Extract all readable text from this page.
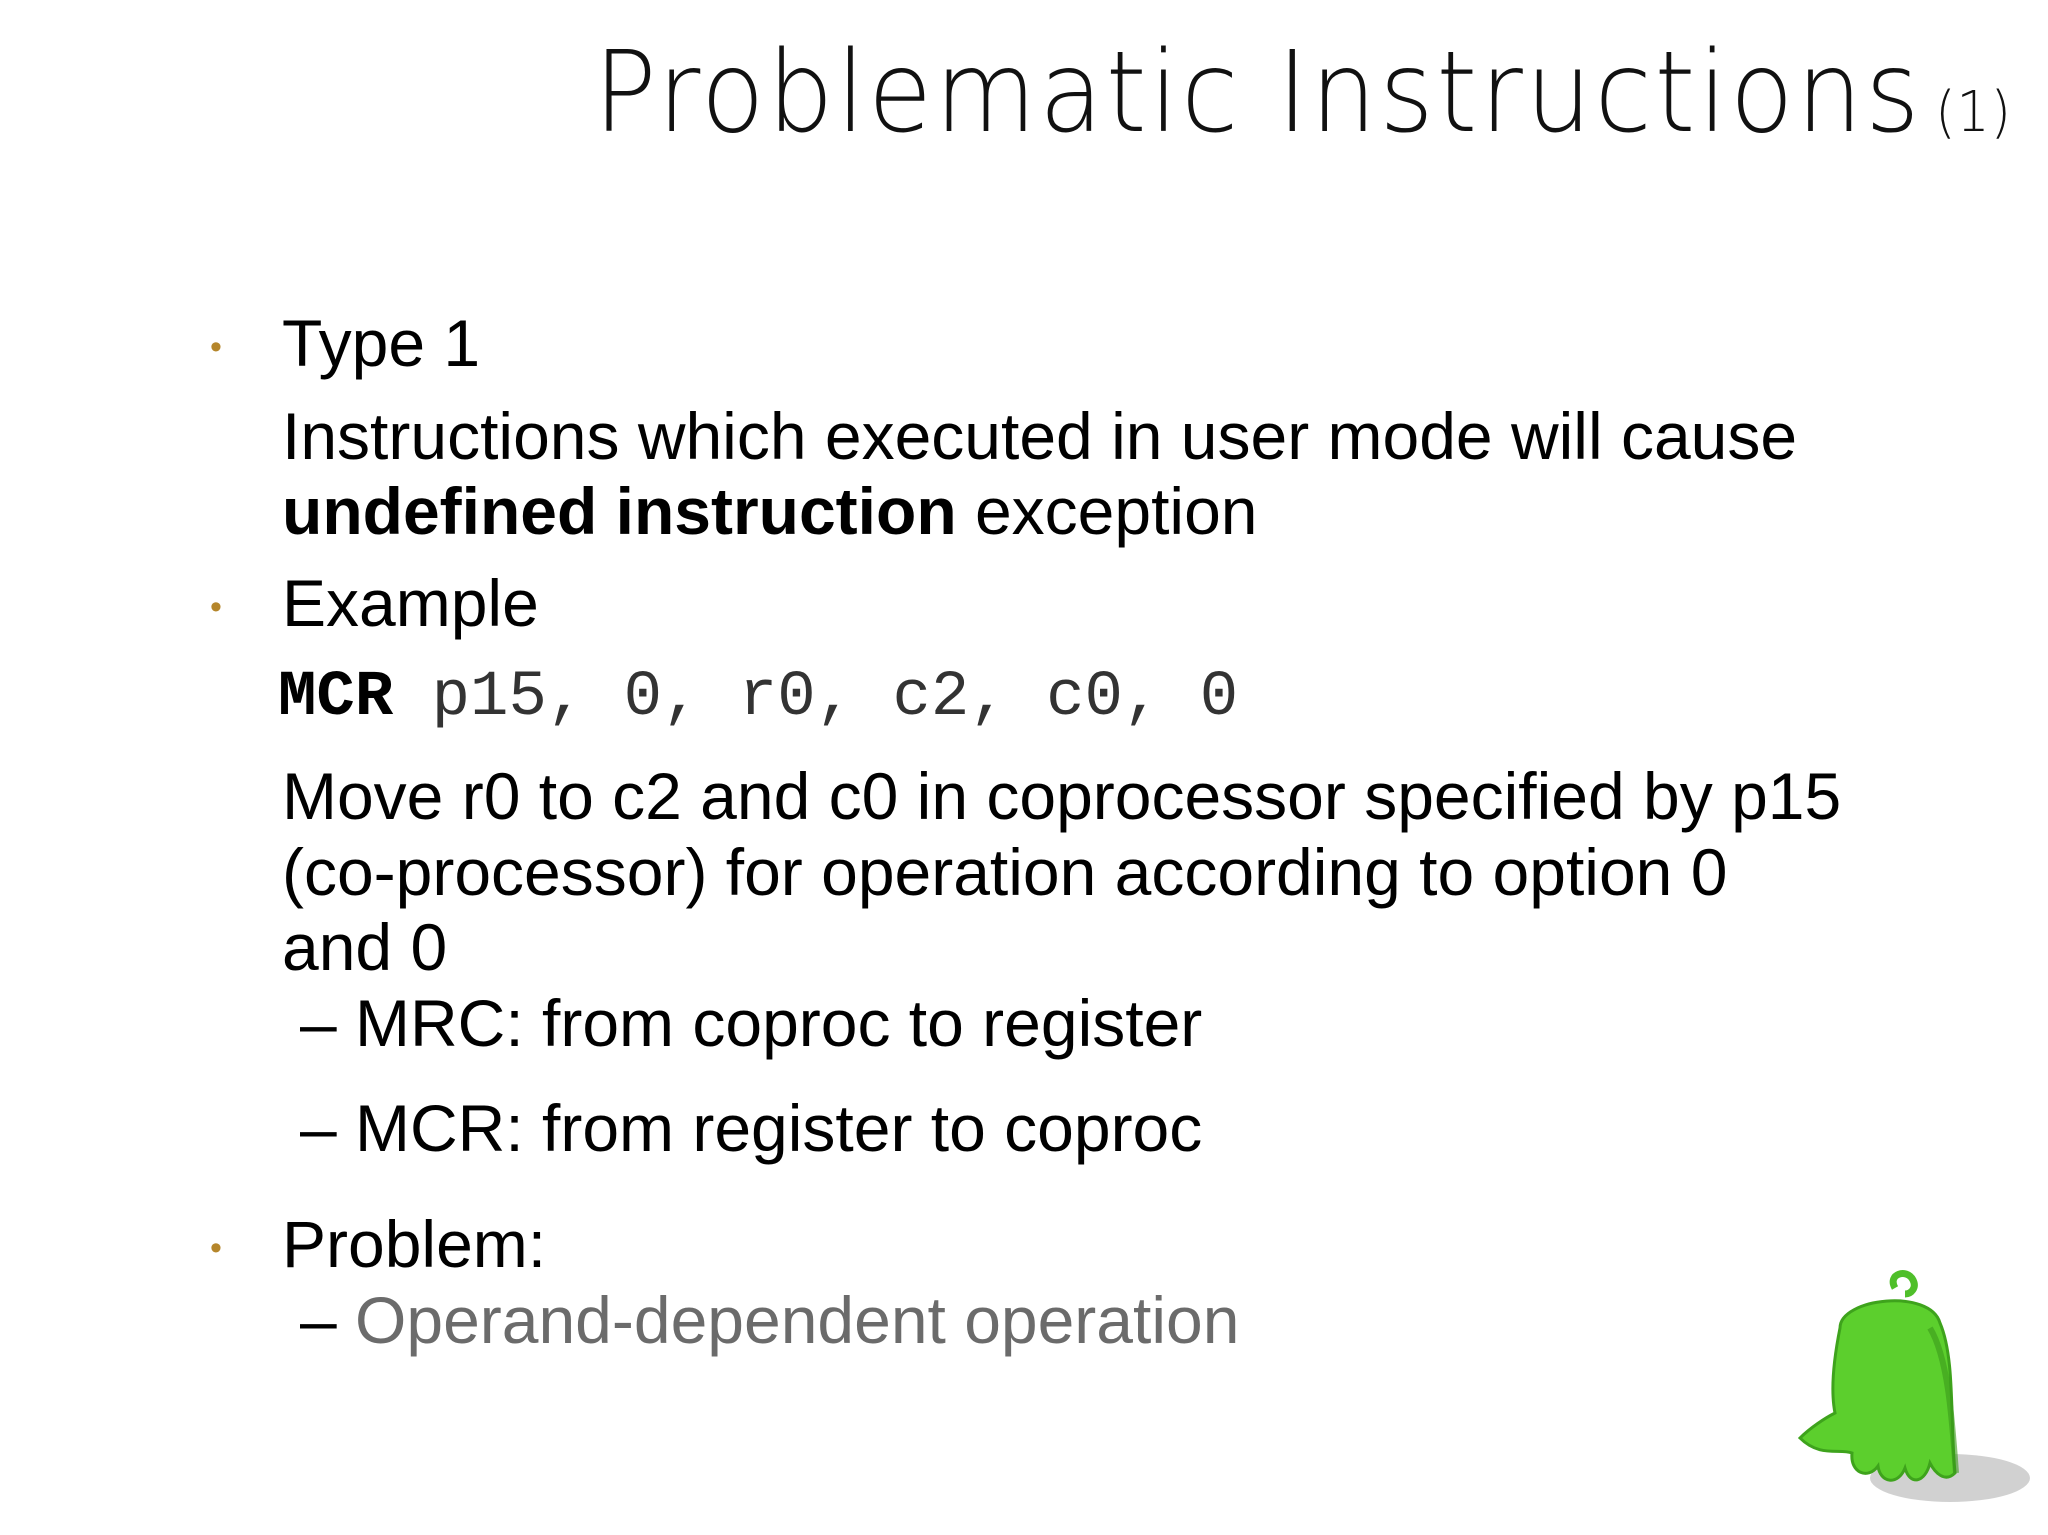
Problematic Instructions (1)
• Type 1
Instructions which executed in user mode will cause
undefined instruction exception
• Example
MCR p15, 0, r0, c2, c0, 0
Move r0 to c2 and c0 in coprocessor specified by p15
(co-processor) for operation according to option 0
and 0
– MRC: from coproc to register
– MCR: from register to coproc
• Problem:
– Operand-dependent operation
